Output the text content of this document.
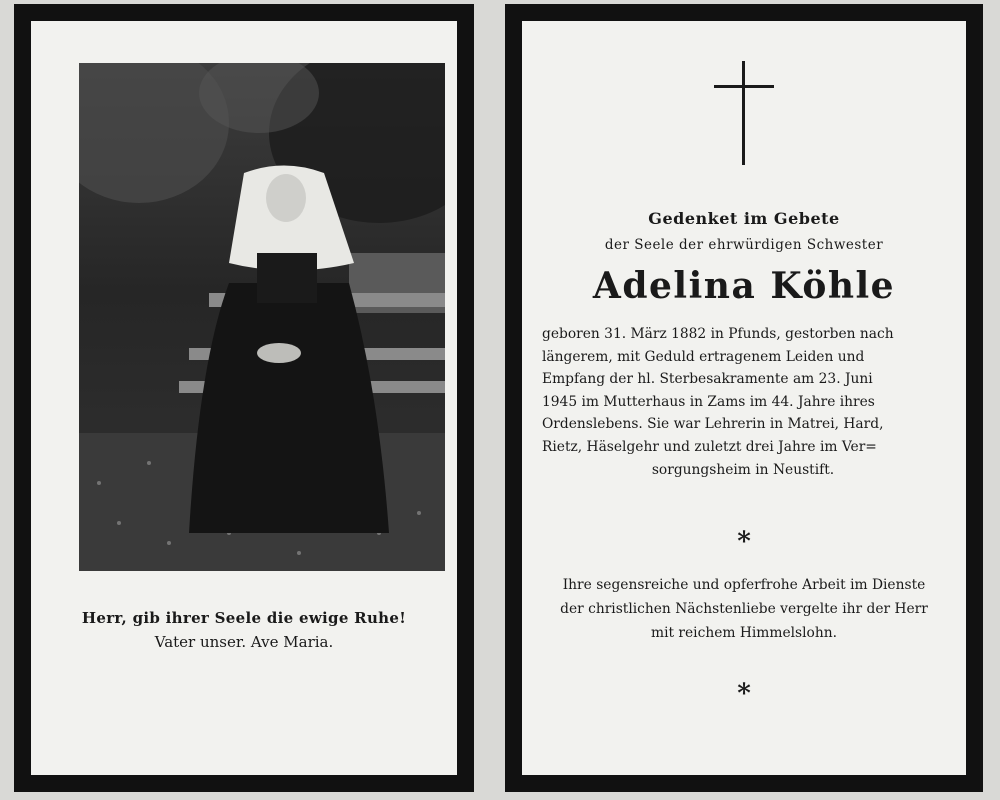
Herr, gib ihrer Seele die ewige Ruhe!
Vater unser. Ave Maria.
Gedenket im Gebete
der Seele der ehrwürdigen Schwester
Adelina Köhle
geboren 31. März 1882 in Pfunds, gestorben nach
längerem, mit Geduld ertragenem Leiden und
Empfang der hl. Sterbesakramente am 23. Juni
1945 im Mutterhaus in Zams im 44. Jahre ihres
Ordenslebens. Sie war Lehrerin in Matrei, Hard,
Rietz, Häselgehr und zuletzt drei Jahre im Ver=
sorgungsheim in Neustift.
*
Ihre segensreiche und opferfrohe Arbeit im Dienste
der christlichen Nächstenliebe vergelte ihr der Herr
mit reichem Himmelslohn.
*
